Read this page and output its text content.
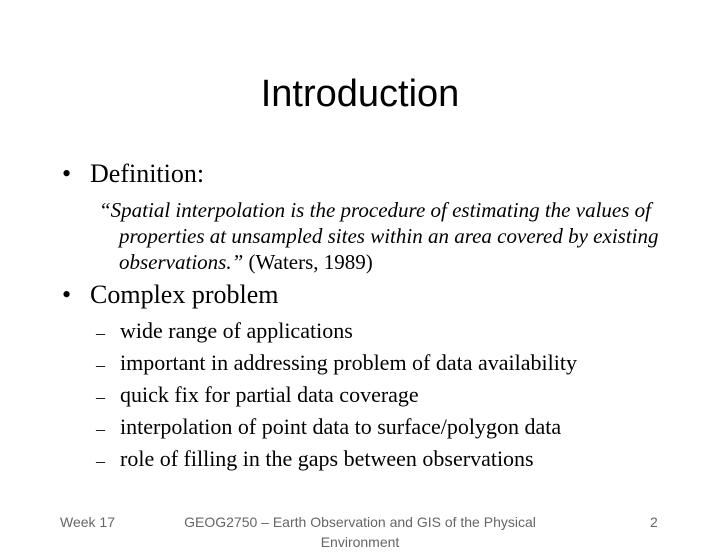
Introduction
• Definition:

“Spatial interpolation is the procedure of estimating the values of properties at unsampled sites within an area covered by existing observations.” (Waters, 1989)

• Complex problem
– wide range of applications
– important in addressing problem of data availability
– quick fix for partial data coverage
– interpolation of point data to surface/polygon data
– role of filling in the gaps between observations
Week 17	GEOG2750 – Earth Observation and GIS of the Physical Environment
2
